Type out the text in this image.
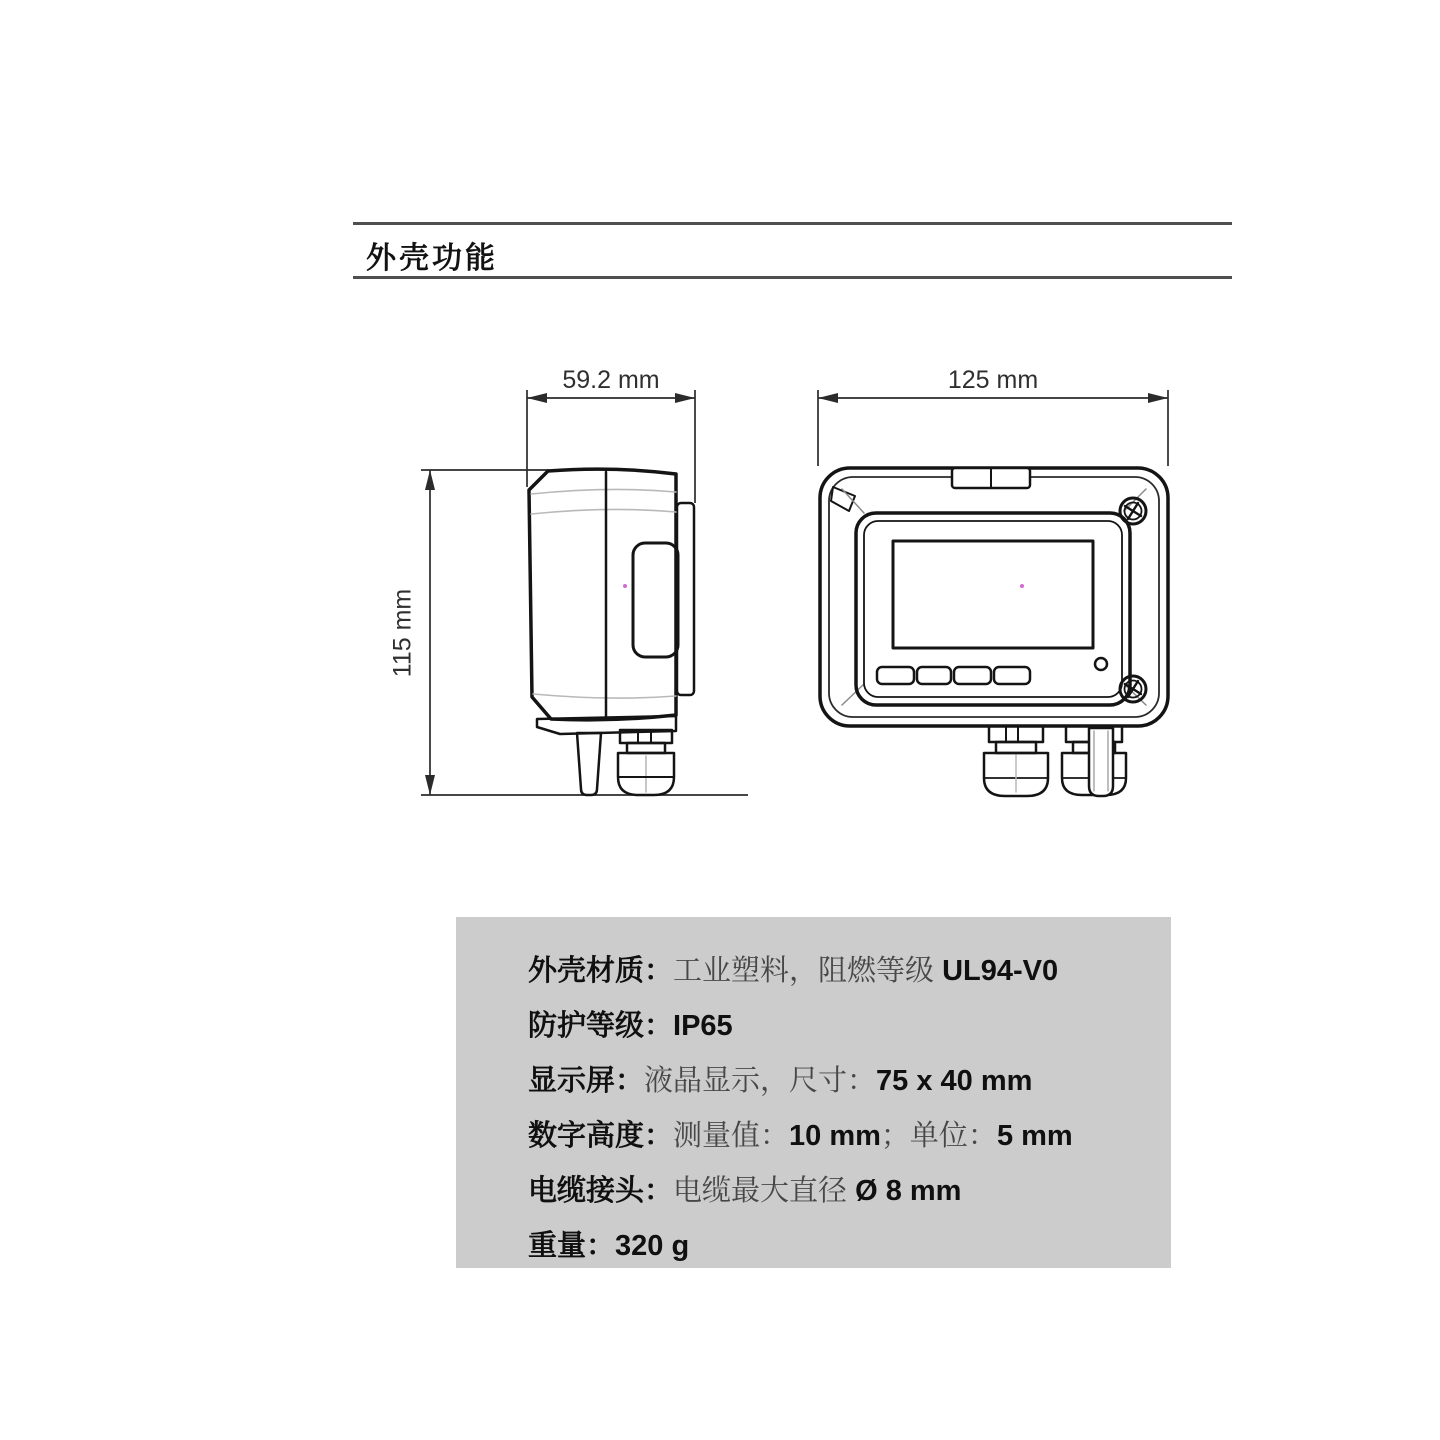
外壳功能
59.2 mm	125 mm
115 mm
外壳材质：工业塑料，阻燃等级 UL94-V0
防护等级：IP65
显示屏：液晶显示，尺寸：75 x 40 mm
数字高度：测量值：10 mm；单位：5 mm
电缆接头：电缆最大直径 Ø 8 mm
重量：320 g
